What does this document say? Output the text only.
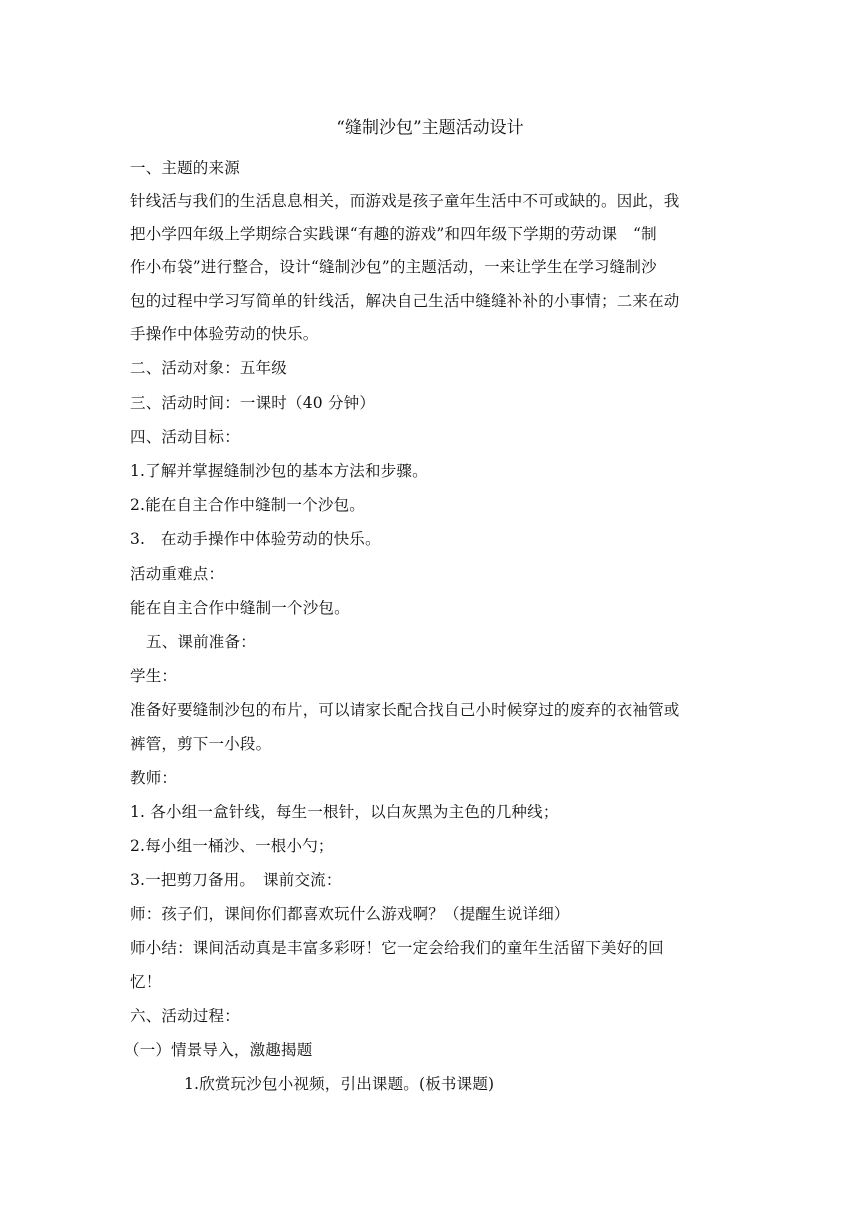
“缝制沙包”主题活动设计
一、主题的来源
针线活与我们的生活息息相关，而游戏是孩子童年生活中不可或缺的。因此，我
把小学四年级上学期综合实践课“有趣的游戏”和四年级下学期的劳动课　“制
作小布袋”进行整合，设计“缝制沙包”的主题活动，一来让学生在学习缝制沙
包的过程中学习写简单的针线活，解决自己生活中缝缝补补的小事情；二来在动
手操作中体验劳动的快乐。
二、活动对象：五年级
三、活动时间：一课时（40 分钟）
四、活动目标：
1.了解并掌握缝制沙包的基本方法和步骤。
2.能在自主合作中缝制一个沙包。
3.　在动手操作中体验劳动的快乐。
活动重难点：
能在自主合作中缝制一个沙包。
五、课前准备：
学生：
准备好要缝制沙包的布片，可以请家长配合找自己小时候穿过的废弃的衣袖管或
裤管，剪下一小段。
教师：
1. 各小组一盒针线，每生一根针，以白灰黑为主色的几种线；
2.每小组一桶沙、一根小勺；
3.一把剪刀备用。　课前交流：
师：孩子们，课间你们都喜欢玩什么游戏啊？（提醒生说详细）
师小结：课间活动真是丰富多彩呀！它一定会给我们的童年生活留下美好的回
忆！
六、活动过程：
（一）情景导入，激趣揭题
1.欣赏玩沙包小视频，引出课题。(板书课题)
